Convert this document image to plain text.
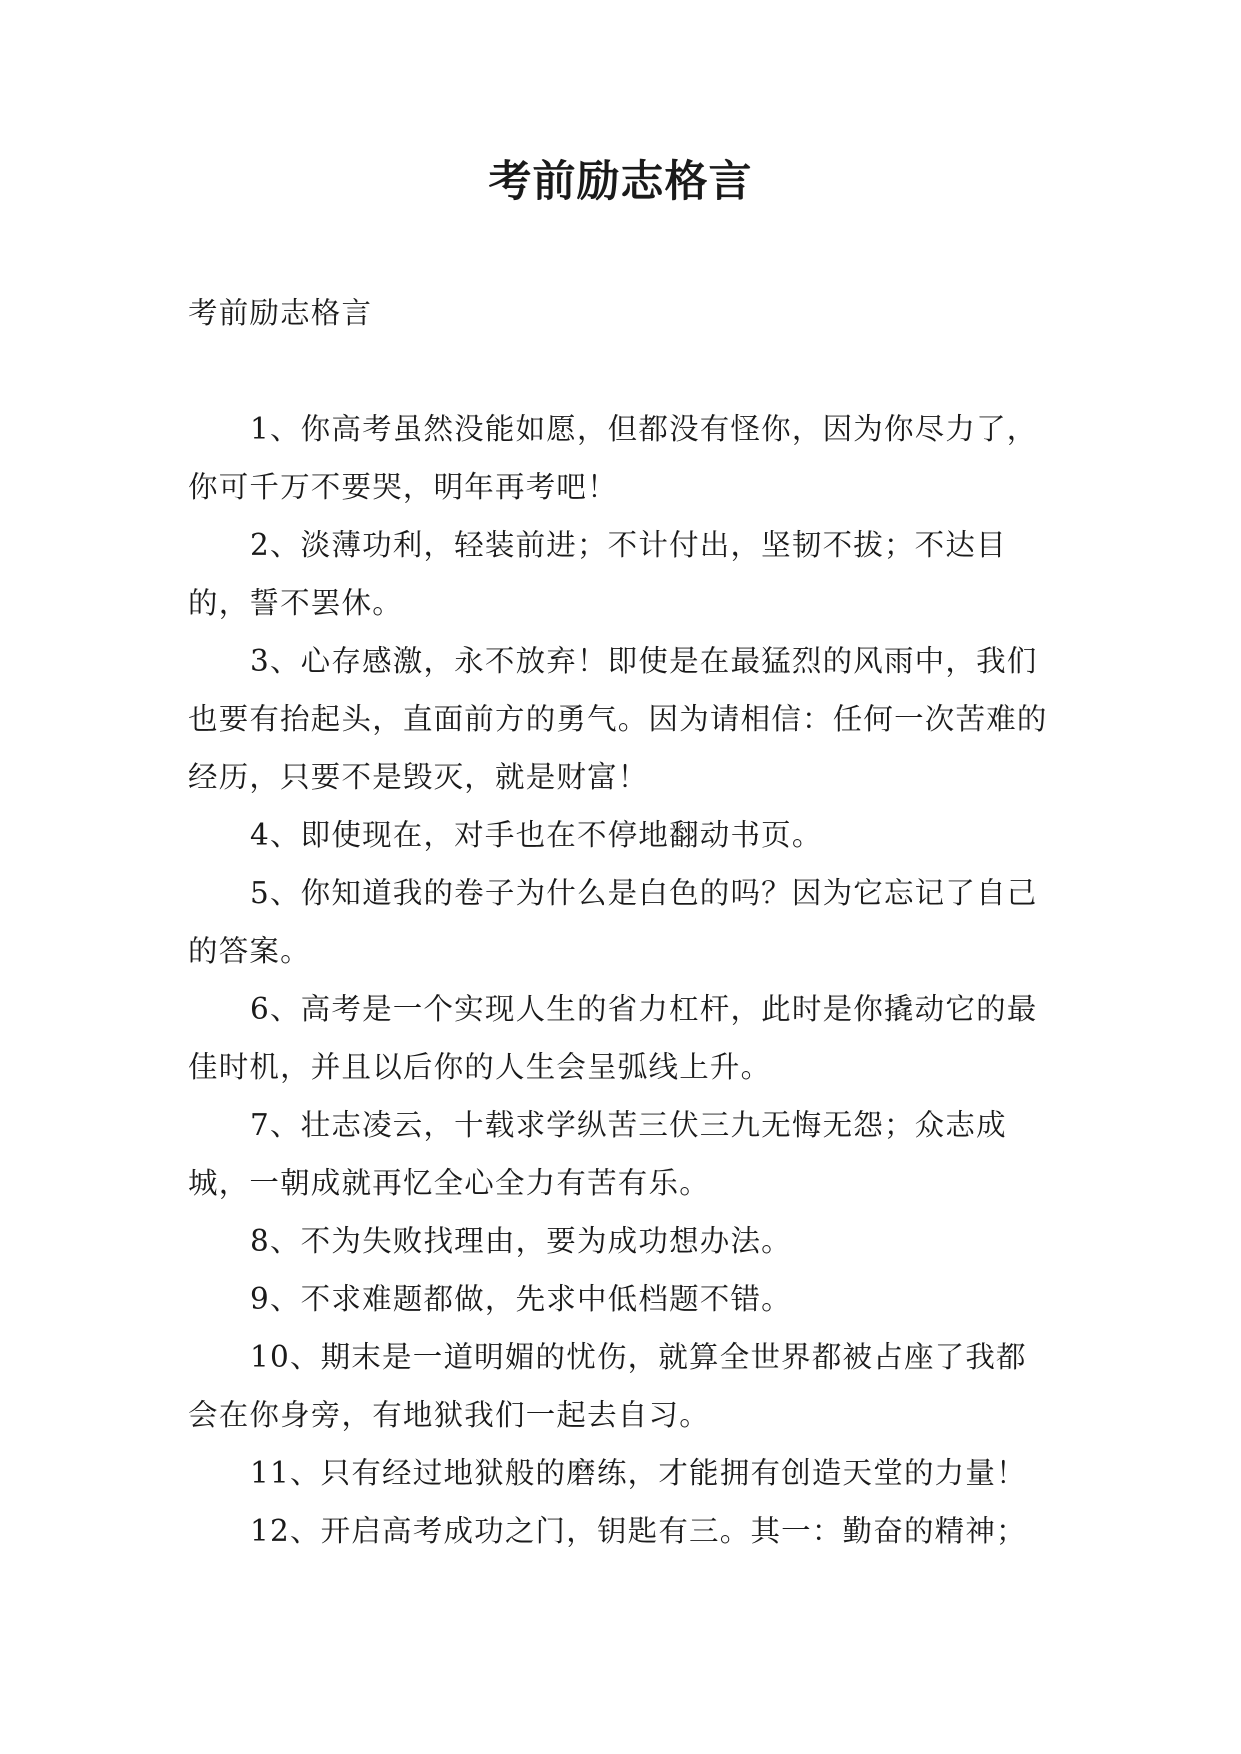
考前励志格言

考前励志格言

1、你高考虽然没能如愿，但都没有怪你，因为你尽力了，你可千万不要哭，明年再考吧！

2、淡薄功利，轻装前进；不计付出，坚韧不拔；不达目的，誓不罢休。

3、心存感激，永不放弃！即使是在最猛烈的风雨中，我们也要有抬起头，直面前方的勇气。因为请相信：任何一次苦难的经历，只要不是毁灭，就是财富！

4、即使现在，对手也在不停地翻动书页。

5、你知道我的卷子为什么是白色的吗？因为它忘记了自己的答案。

6、高考是一个实现人生的省力杠杆，此时是你撬动它的最佳时机，并且以后你的人生会呈弧线上升。

7、壮志凌云，十载求学纵苦三伏三九无悔无怨；众志成城，一朝成就再忆全心全力有苦有乐。

8、不为失败找理由，要为成功想办法。

9、不求难题都做，先求中低档题不错。

10、期末是一道明媚的忧伤，就算全世界都被占座了我都会在你身旁，有地狱我们一起去自习。

11、只有经过地狱般的磨练，才能拥有创造天堂的力量！

12、开启高考成功之门，钥匙有三。其一：勤奋的精神；
